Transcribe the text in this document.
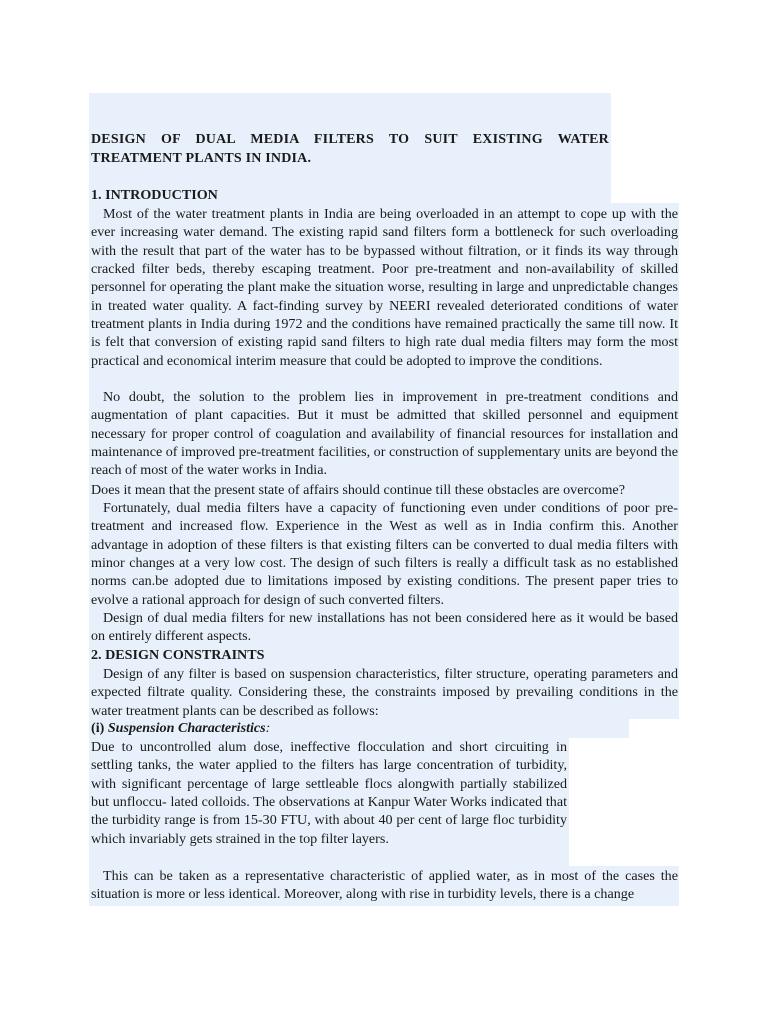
DESIGN OF DUAL MEDIA FILTERS TO SUIT EXISTING WATER TREATMENT PLANTS IN INDIA.
1. INTRODUCTION

Most of the water treatment plants in India are being overloaded in an attempt to cope up with the ever increasing water demand. The existing rapid sand filters form a bottleneck for such overloading with the result that part of the water has to be bypassed without filtration, or it finds its way through cracked filter beds, thereby escaping treatment. Poor pre-treatment and non-availability of skilled personnel for operating the plant make the situation worse, resulting in large and unpredictable changes in treated water quality. A fact-finding survey by NEERI revealed deteriorated conditions of water treatment plants in India during 1972 and the conditions have remained practically the same till now. It is felt that conversion of existing rapid sand filters to high rate dual media filters may form the most practical and economical interim measure that could be adopted to improve the conditions.

No doubt, the solution to the problem lies in improvement in pre-treatment conditions and augmentation of plant capacities. But it must be admitted that skilled personnel and equipment necessary for proper control of coagulation and availability of financial resources for installation and maintenance of improved pre-treatment facilities, or construction of supplementary units are beyond the reach of most of the water works in India.

Does it mean that the present state of affairs should continue till these obstacles are overcome?

Fortunately, dual media filters have a capacity of functioning even under conditions of poor pre-treatment and increased flow. Experience in the West as well as in India confirm this. Another advantage in adoption of these filters is that existing filters can be converted to dual media filters with minor changes at a very low cost. The design of such filters is really a difficult task as no established norms can.be adopted due to limitations imposed by existing conditions. The present paper tries to evolve a rational approach for design of such converted filters.

Design of dual media filters for new installations has not been considered here as it would be based on entirely different aspects.

2. DESIGN CONSTRAINTS

Design of any filter is based on suspension characteristics, filter structure, operating parameters and expected filtrate quality. Considering these, the constraints imposed by prevailing conditions in the water treatment plants can be described as follows:

(i) Suspension Characteristics:

Due to uncontrolled alum dose, ineffective flocculation and short circuiting in settling tanks, the water applied to the filters has large concentration of turbidity, with significant percentage of large settleable flocs alongwith partially stabilized but unfloccu- lated colloids. The observations at Kanpur Water Works indicated that the turbidity range is from 15-30 FTU, with about 40 per cent of large floc turbidity which invariably gets strained in the top filter layers.

This can be taken as a representative characteristic of applied water, as in most of the cases the situation is more or less identical. Moreover, along with rise in turbidity levels, there is a change
